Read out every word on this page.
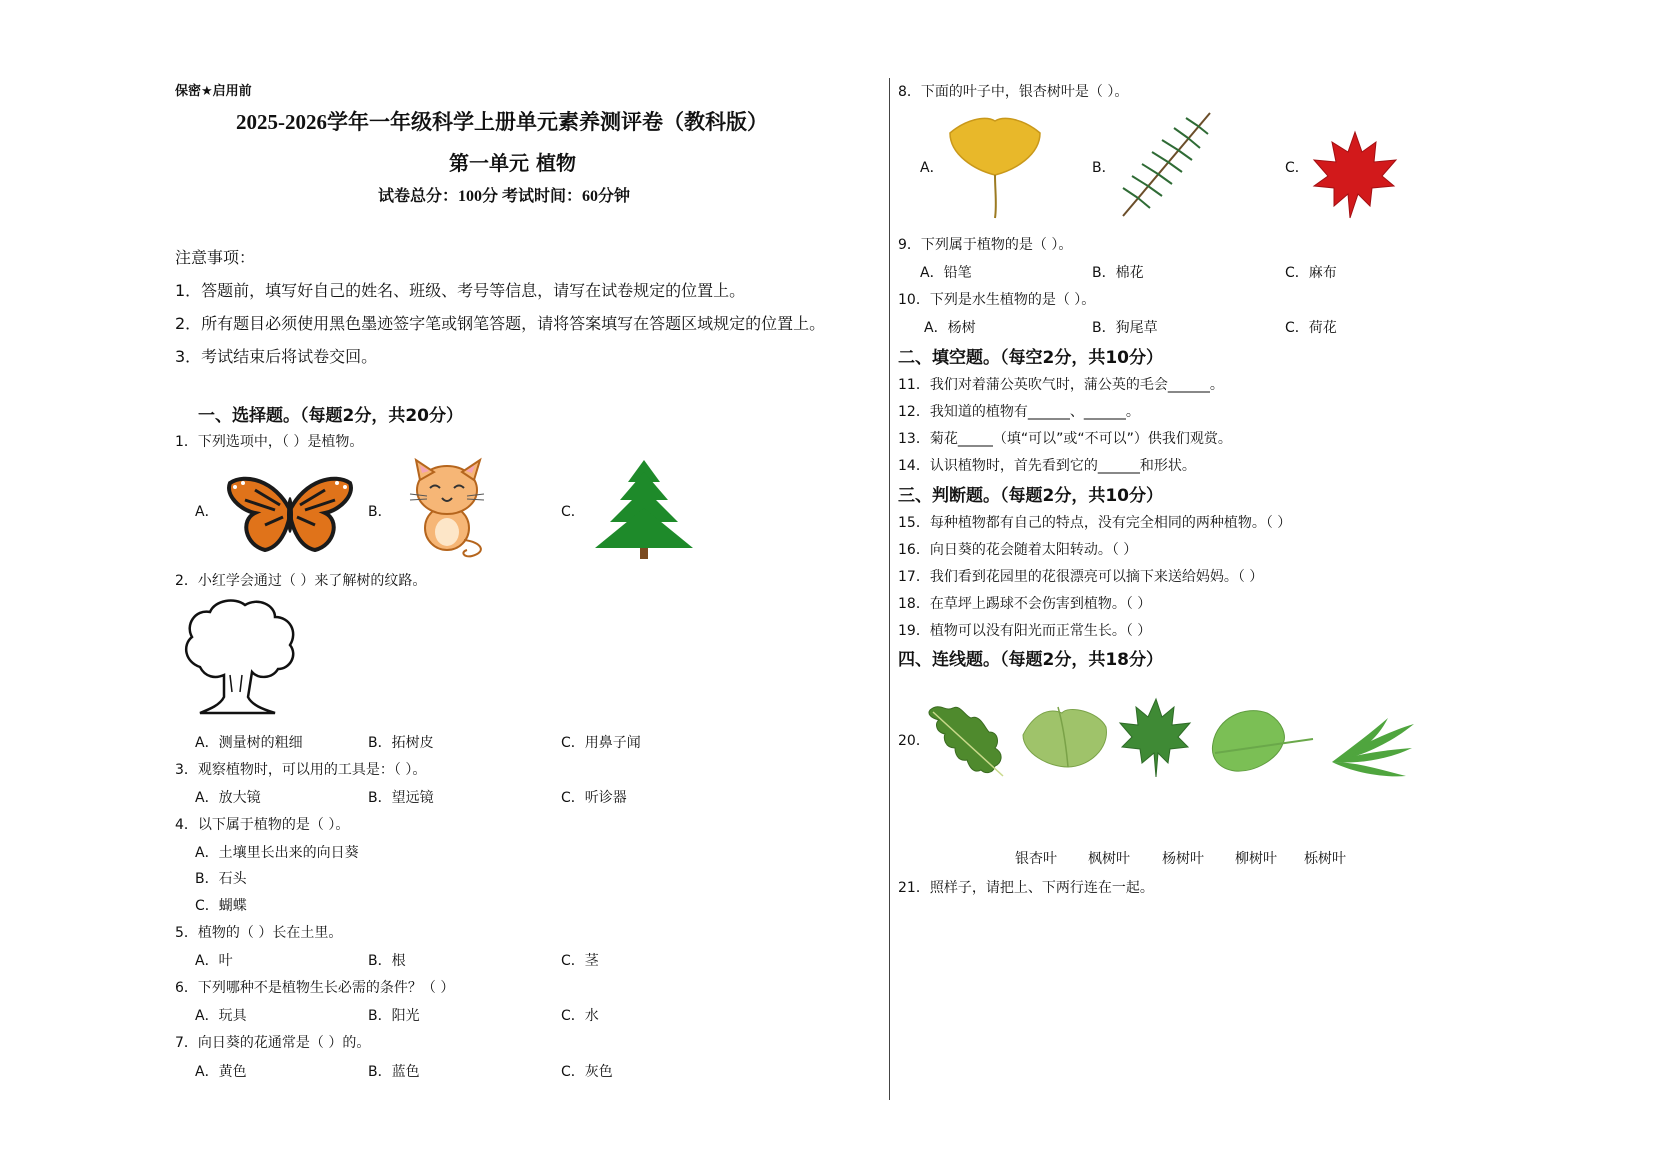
保密★启用前
2025-2026学年一年级科学上册单元素养测评卷（教科版）
第一单元 植物
试卷总分：100分 考试时间：60分钟
注意事项：
1．答题前，填写好自己的姓名、班级、考号等信息，请写在试卷规定的位置上。
2．所有题目必须使用黑色墨迹签字笔或钢笔答题，请将答案填写在答题区域规定的位置上。
3．考试结束后将试卷交回。
一、选择题。（每题2分，共20分）
1．下列选项中，（ ）是植物。
A．	B．	C．
2．小红学会通过（ ）来了解树的纹路。
A．测量树的粗细	B．拓树皮	C．用鼻子闻
3．观察植物时，可以用的工具是：（ ）。
A．放大镜	B．望远镜	C．听诊器
4．以下属于植物的是（ ）。
A．土壤里长出来的向日葵
B．石头
C．蝴蝶
5．植物的（ ）长在土里。
A．叶	B．根	C．茎
6．下列哪种不是植物生长必需的条件？（ ）
A．玩具	B．阳光	C．水
7．向日葵的花通常是（ ）的。
A．黄色	B．蓝色	C．灰色
8．下面的叶子中，银杏树叶是（ ）。
A．	B．	C．
9．下列属于植物的是（ ）。
A．铅笔	B．棉花	C．麻布
10．下列是水生植物的是（ ）。
A．杨树	B．狗尾草	C．荷花
二、填空题。（每空2分，共10分）
11．我们对着蒲公英吹气时，蒲公英的毛会______。
12．我知道的植物有______、______。
13．菊花_____（填“可以”或“不可以”）供我们观赏。
14．认识植物时，首先看到它的______和形状。
三、判断题。（每题2分，共10分）
15．每种植物都有自己的特点，没有完全相同的两种植物。（ ）
16．向日葵的花会随着太阳转动。（ ）
17．我们看到花园里的花很漂亮可以摘下来送给妈妈。（ ）
18．在草坪上踢球不会伤害到植物。（ ）
19．植物可以没有阳光而正常生长。（ ）
四、连线题。（每题2分，共18分）
20．
银杏叶 枫树叶 杨树叶 柳树叶 栎树叶
21．照样子，请把上、下两行连在一起。
